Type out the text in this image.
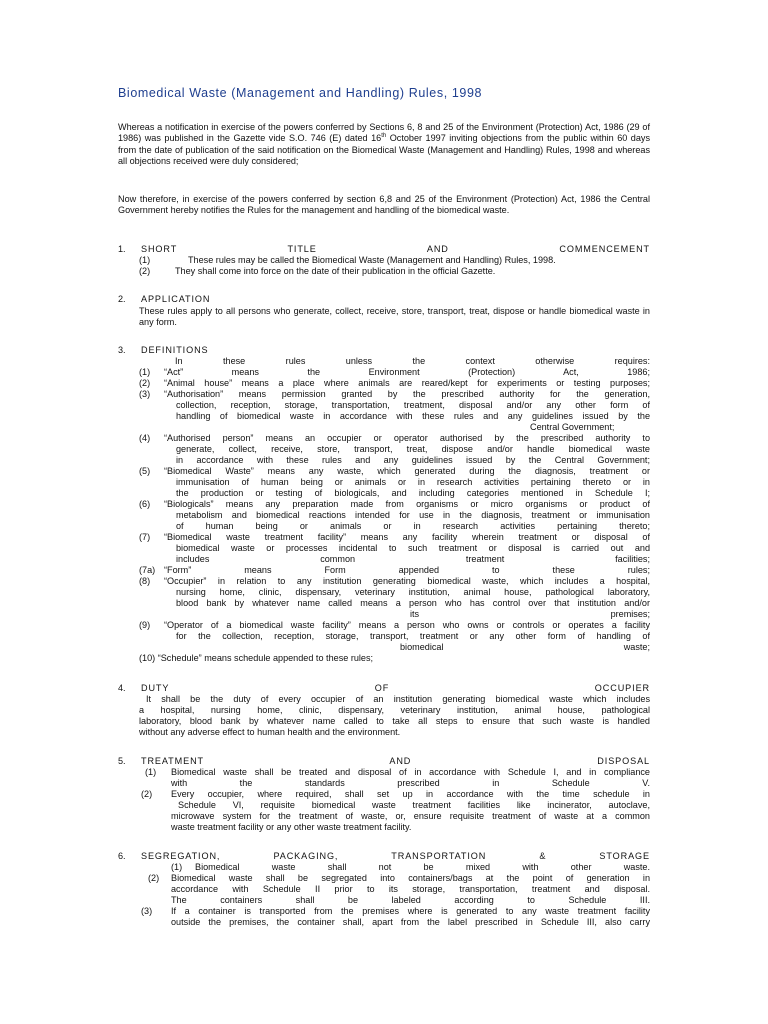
Biomedical Waste (Management and Handling) Rules, 1998
Whereas a notification in exercise of the powers conferred by Sections 6, 8 and 25 of the Environment (Protection) Act, 1986 (29 of 1986) was published in the Gazette vide S.O. 746 (E) dated 16th October 1997 inviting objections from the public within 60 days from the date of publication of the said notification on the Biomedical Waste (Management and Handling) Rules, 1998 and whereas all objections received were duly considered;
Now therefore, in exercise of the powers conferred by section 6,8 and 25 of the Environment (Protection) Act, 1986 the Central Government hereby notifies the Rules for the management and handling of the biomedical waste.
1. SHORT TITLE AND COMMENCEMENT
(1)	These rules may be called the Biomedical Waste (Management and Handling) Rules, 1998.
(2)	They shall come into force on the date of their publication in the official Gazette.
2. APPLICATION
These rules apply to all persons who generate, collect, receive, store, transport, treat, dispose or handle biomedical waste in any form.
3. DEFINITIONS
In these rules unless the context otherwise requires:
(1) “Act” means the Environment (Protection) Act, 1986;
(2) “Animal house” means a place where animals are reared/kept for experiments or testing purposes;
(3) “Authorisation” means permission granted by the prescribed authority for the generation,
collection, reception, storage, transportation, treatment, disposal and/or any other form of
handling of biomedical waste in accordance with these rules and any guidelines issued by the
Central Government;
(4) “Authorised person” means an occupier or operator authorised by the prescribed authority to
generate, collect, receive, store, transport, treat, dispose and/or handle biomedical waste
in accordance with these rules and any guidelines issued by the Central Government;
(5) “Biomedical Waste” means any waste, which generated during the diagnosis, treatment or
immunisation of human being or animals or in research activities pertaining thereto or in
the production or testing of biologicals, and including categories mentioned in Schedule I;
(6) “Biologicals” means any preparation made from organisms or micro organisms or product of
metabolism and biomedical reactions intended for use in the diagnosis, treatment or immunisation
of human being or animals or in research activities pertaining thereto;
(7) “Biomedical waste treatment facility” means any facility wherein treatment or disposal of
biomedical waste or processes incidental to such treatment or disposal is carried out and
includes common treatment facilities;
(7a) “Form” means Form appended to these rules;
(8) “Occupier” in relation to any institution generating biomedical waste, which includes a hospital,
nursing home, clinic, dispensary, veterinary institution, animal house, pathological laboratory,
blood bank by whatever name called means a person who has control over that institution and/or
its premises;
(9) “Operator of a biomedical waste facility” means a person who owns or controls or operates a facility
for the collection, reception, storage, transport, treatment or any other form of handling of
biomedical waste;
(10) “Schedule” means schedule appended to these rules;
4. DUTY OF OCCUPIER
It shall be the duty of every occupier of an institution generating biomedical waste which includes
a hospital, nursing home, clinic, dispensary, veterinary institution, animal house, pathological
laboratory, blood bank by whatever name called to take all steps to ensure that such waste is handled
without any adverse effect to human health and the environment.
5. TREATMENT AND DISPOSAL
(1) Biomedical waste shall be treated and disposal of in accordance with Schedule I, and in compliance
with the standards prescribed in Schedule V.
(2) Every occupier, where required, shall set up in accordance with the time schedule in
Schedule VI, requisite biomedical waste treatment facilities like incinerator, autoclave,
microwave system for the treatment of waste, or, ensure requisite treatment of waste at a common
waste treatment facility or any other waste treatment facility.
6. SEGREGATION, PACKAGING, TRANSPORTATION & STORAGE
(1) Biomedical waste shall not be mixed with other waste.
(2) Biomedical waste shall be segregated into containers/bags at the point of generation in
accordance with Schedule II prior to its storage, transportation, treatment and disposal.
The containers shall be labeled according to Schedule III.
(3) If a container is transported from the premises where is generated to any waste treatment facility
outside the premises, the container shall, apart from the label prescribed in Schedule III, also carry
